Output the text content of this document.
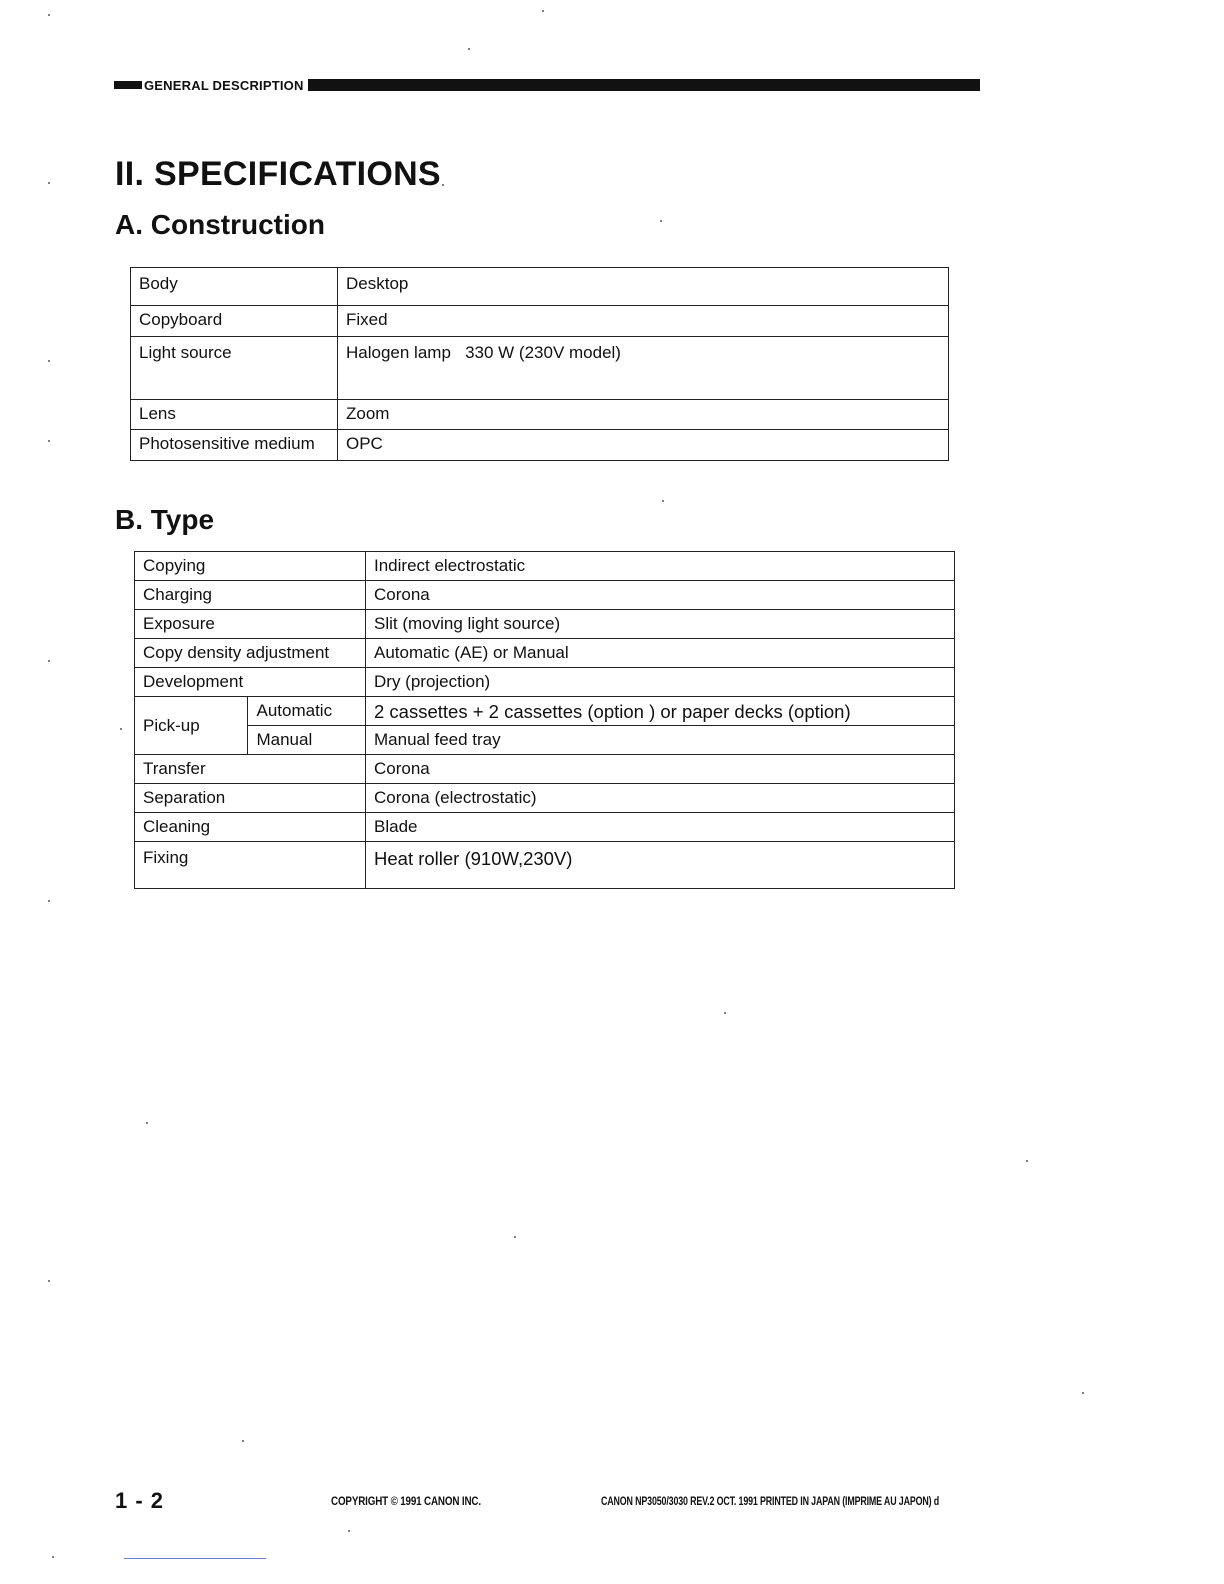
GENERAL DESCRIPTION
II. SPECIFICATIONS
A. Construction
Body	Desktop
Copyboard	Fixed
Light source	Halogen lamp   330 W (230V model)
Lens	Zoom
Photosensitive medium	OPC
B. Type
Copying		Indirect electrostatic
Charging		Corona
Exposure		Slit (moving light source)
Copy density adjustment		Automatic (AE) or Manual
Development		Dry (projection)
Pick-up	Automatic	2 cassettes + 2 cassettes (option ) or paper decks (option)
	Manual	Manual feed tray
Transfer		Corona
Separation		Corona (electrostatic)
Cleaning		Blade
Fixing		Heat roller (910W,230V)
1 - 2	COPYRIGHT © 1991 CANON INC.	CANON NP3050/3030 REV.2 OCT. 1991 PRINTED IN JAPAN (IMPRIME AU JAPON) d
